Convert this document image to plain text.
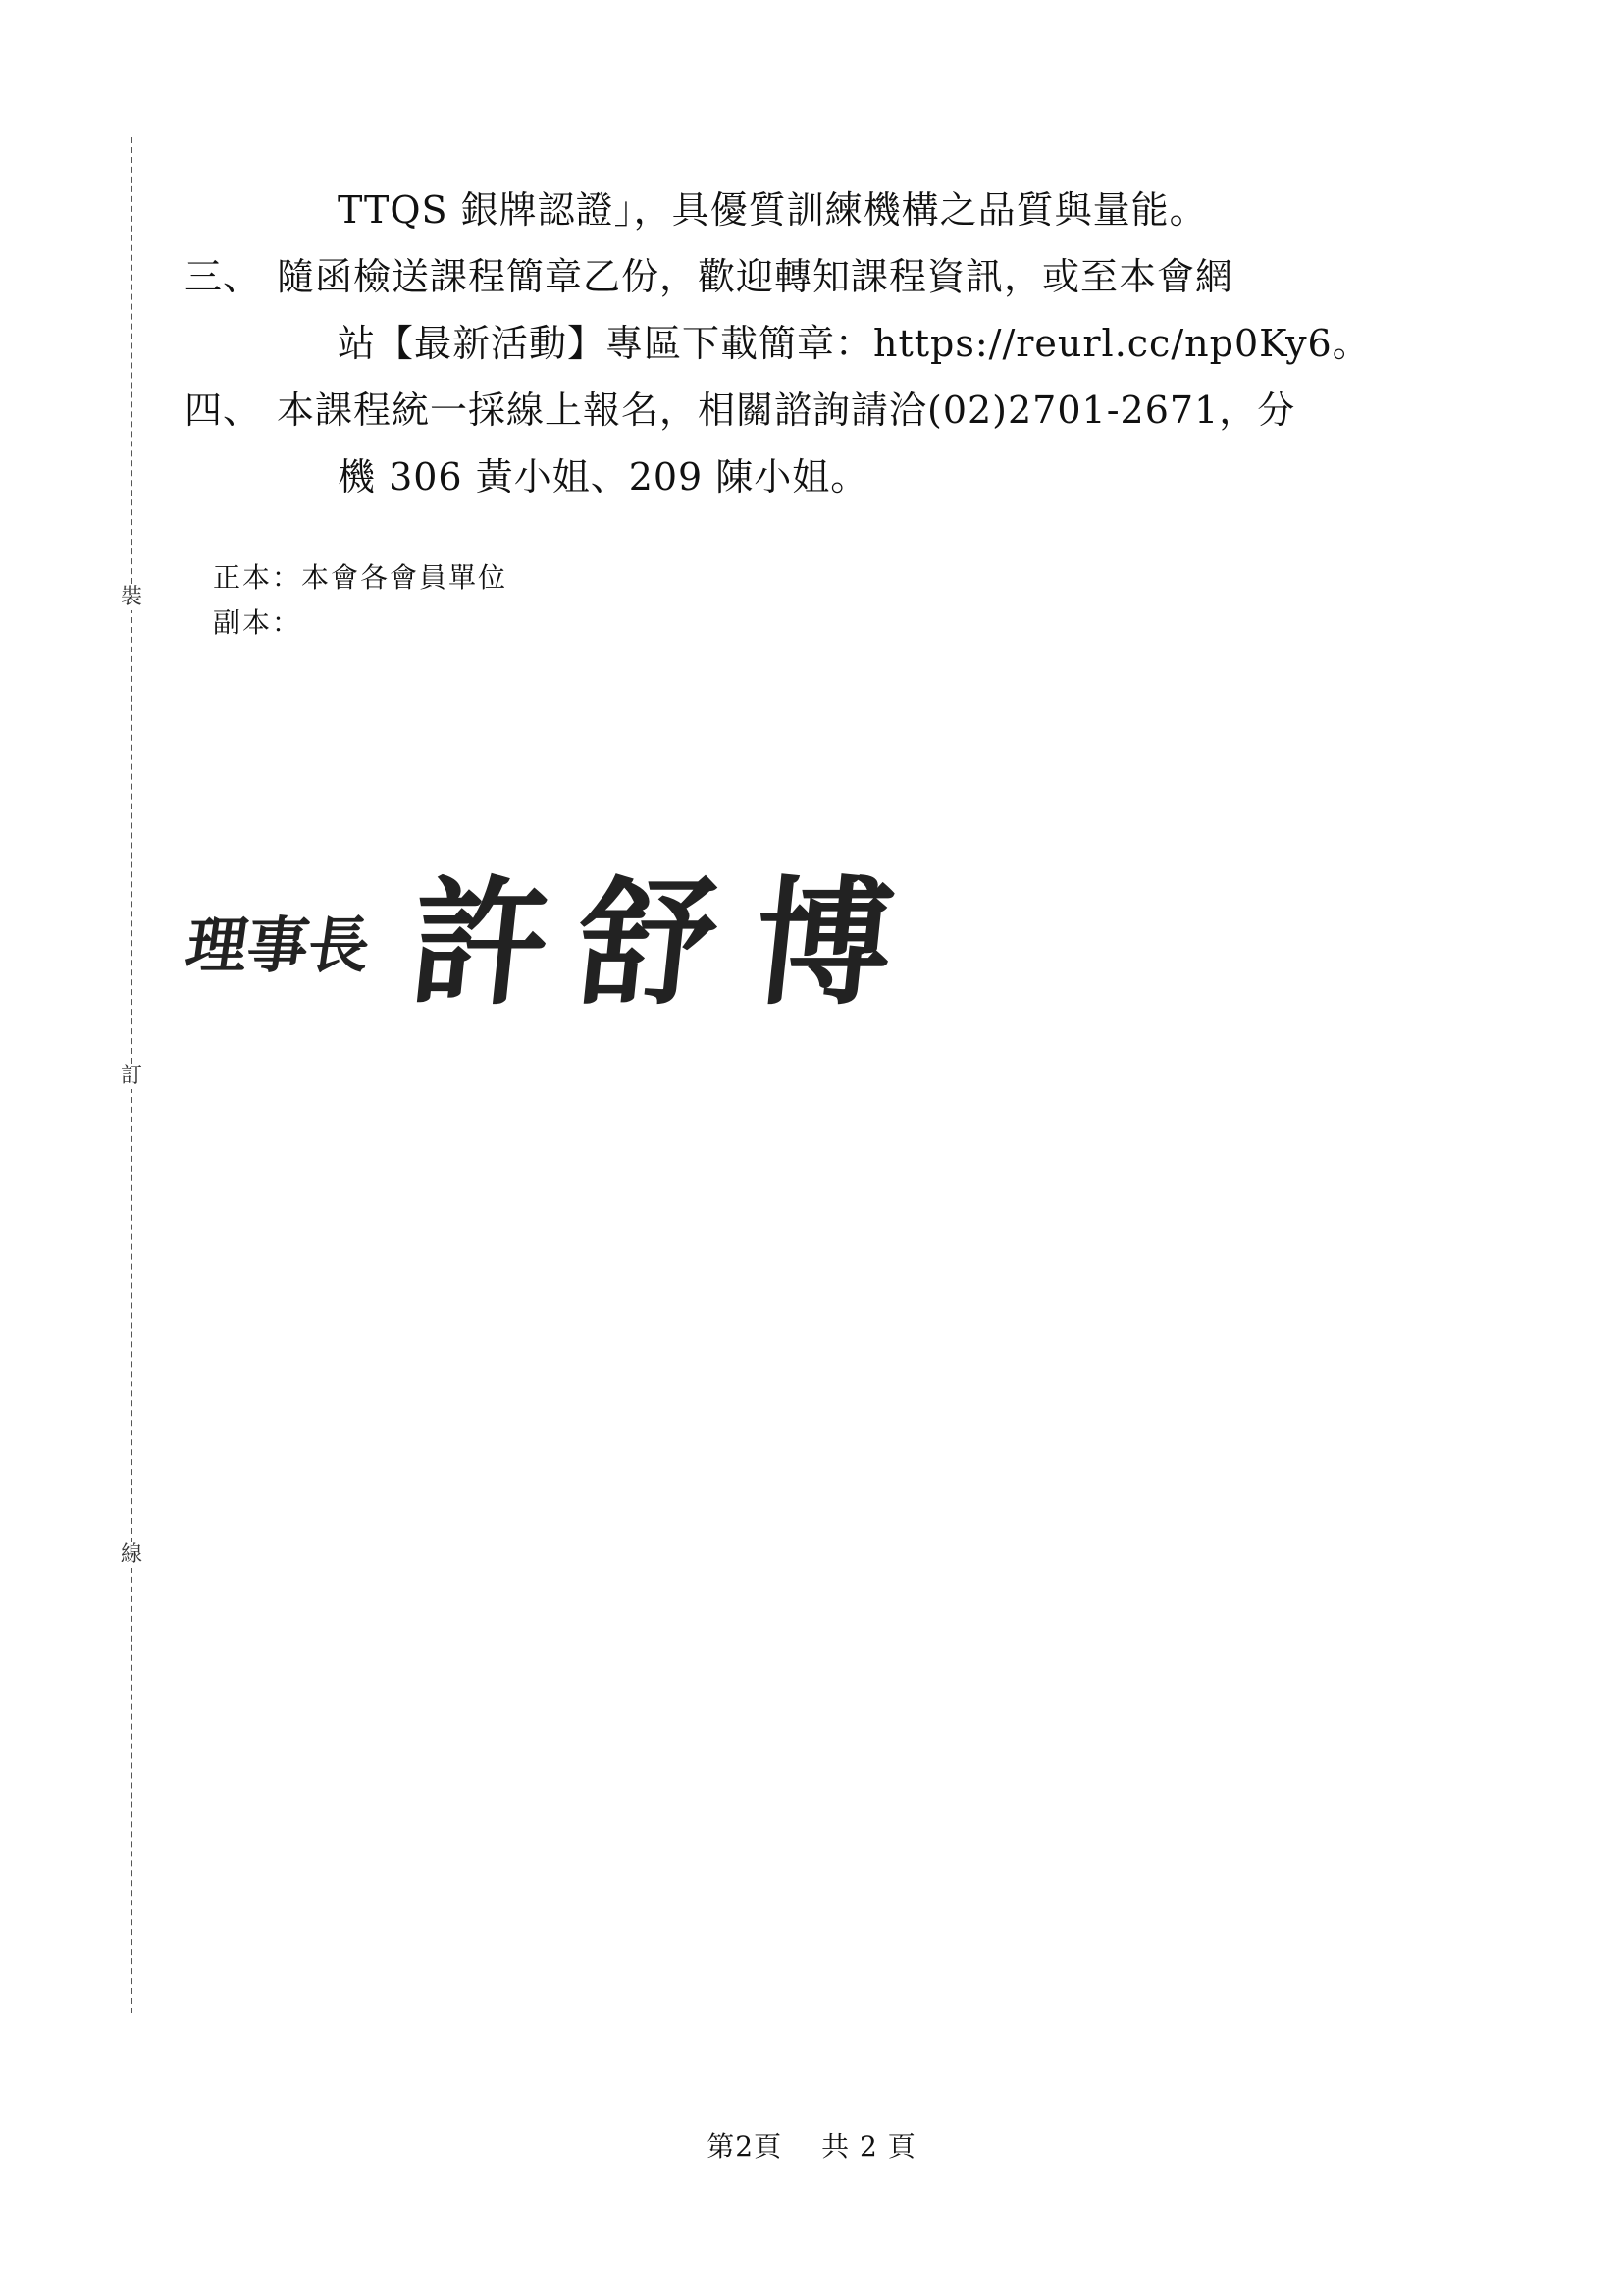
裝
訂
線
TTQS 銀牌認證」，具優質訓練機構之品質與量能。
三、 隨函檢送課程簡章乙份，歡迎轉知課程資訊，或至本會網
站【最新活動】專區下載簡章：https://reurl.cc/np0Ky6。
四、 本課程統一採線上報名，相關諮詢請洽(02)2701-2671，分
機 306 黃小姐、209 陳小姐。
正本：本會各會員單位
副本：
理事長 許 舒 博
第2頁 共 2 頁
